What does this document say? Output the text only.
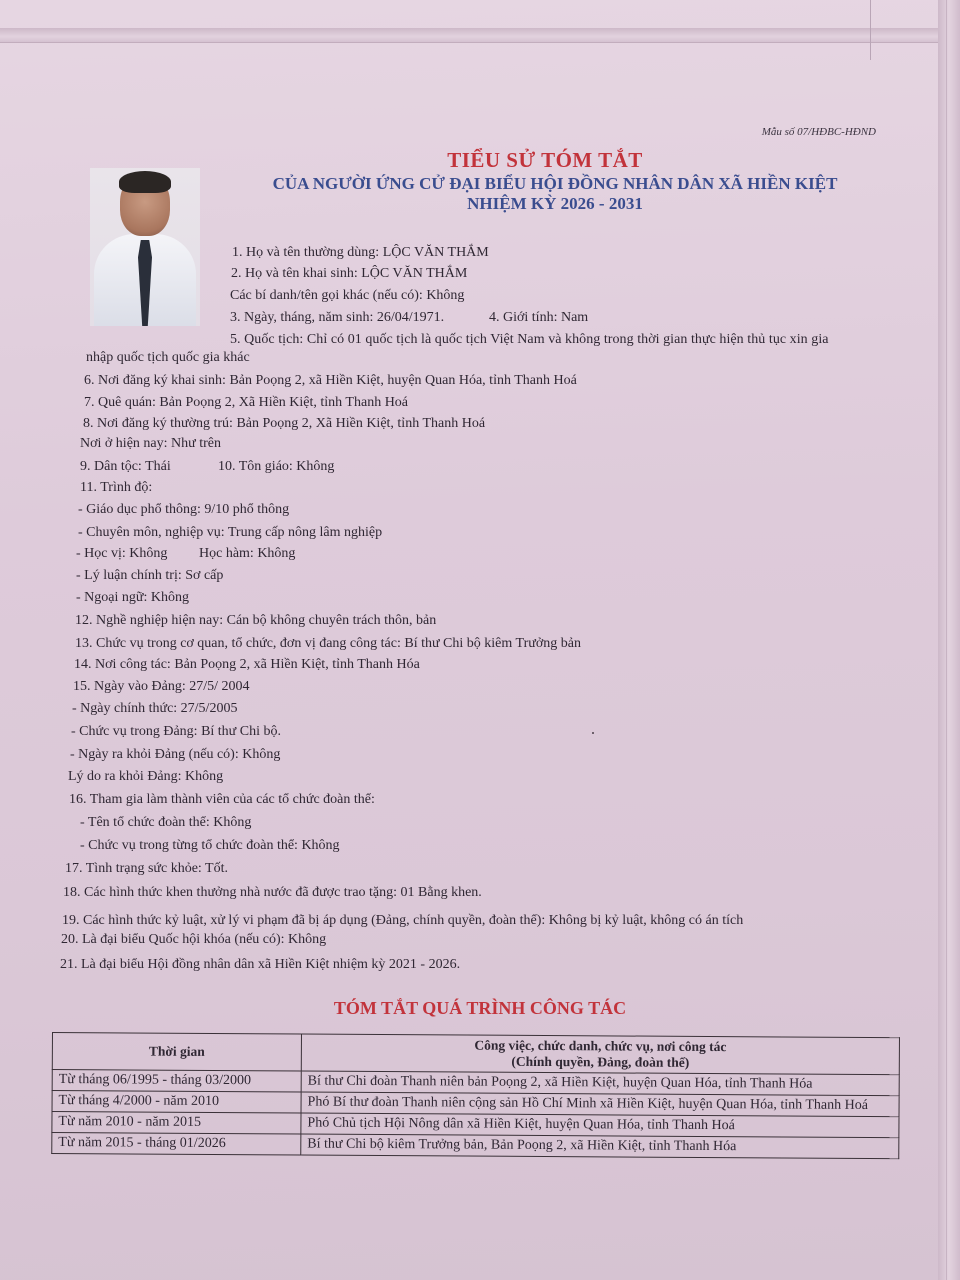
Mẫu số 07/HĐBC-HĐND
TIỂU SỬ TÓM TẮT
CỦA NGƯỜI ỨNG CỬ ĐẠI BIỂU HỘI ĐỒNG NHÂN DÂN XÃ HIỀN KIỆT
NHIỆM KỲ 2026 - 2031
1. Họ và tên thường dùng: LỘC VĂN THẮM
2. Họ và tên khai sinh: LỘC VĂN THẮM
Các bí danh/tên gọi khác (nếu có): Không
3. Ngày, tháng, năm sinh: 26/04/1971.	4. Giới tính: Nam
5. Quốc tịch: Chỉ có 01 quốc tịch là quốc tịch Việt Nam và không trong thời gian thực hiện thủ tục xin gia
nhập quốc tịch quốc gia khác
6. Nơi đăng ký khai sinh: Bản Poọng 2, xã Hiền Kiệt, huyện Quan Hóa, tỉnh Thanh Hoá
7. Quê quán: Bản Poọng 2, Xã Hiền Kiệt, tỉnh Thanh Hoá
8. Nơi đăng ký thường trú: Bản Poọng 2, Xã Hiền Kiệt, tỉnh Thanh Hoá
Nơi ở hiện nay: Như trên
9. Dân tộc: Thái	10. Tôn giáo: Không
11. Trình độ:
- Giáo dục phổ thông: 9/10 phổ thông
- Chuyên môn, nghiệp vụ: Trung cấp nông lâm nghiệp
- Học vị: Không Học hàm: Không
- Lý luận chính trị: Sơ cấp
- Ngoại ngữ: Không
12. Nghề nghiệp hiện nay: Cán bộ không chuyên trách thôn, bản
13. Chức vụ trong cơ quan, tổ chức, đơn vị đang công tác: Bí thư Chi bộ kiêm Trưởng bản
14. Nơi công tác: Bản Poọng 2, xã Hiền Kiệt, tỉnh Thanh Hóa
15. Ngày vào Đảng: 27/5/ 2004
- Ngày chính thức: 27/5/2005
- Chức vụ trong Đảng: Bí thư Chi bộ.
- Ngày ra khỏi Đảng (nếu có): Không
Lý do ra khỏi Đảng: Không
16. Tham gia làm thành viên của các tổ chức đoàn thể:
- Tên tổ chức đoàn thể: Không
- Chức vụ trong từng tổ chức đoàn thể: Không
17. Tình trạng sức khỏe: Tốt.
18. Các hình thức khen thưởng nhà nước đã được trao tặng: 01 Bằng khen.
19. Các hình thức kỷ luật, xử lý vi phạm đã bị áp dụng (Đảng, chính quyền, đoàn thể): Không bị kỷ luật, không có án tích
20. Là đại biểu Quốc hội khóa (nếu có): Không
21. Là đại biểu Hội đồng nhân dân xã Hiền Kiệt nhiệm kỳ 2021 - 2026.
TÓM TẮT QUÁ TRÌNH CÔNG TÁC
Thời gian	Công việc, chức danh, chức vụ, nơi công tác
(Chính quyền, Đảng, đoàn thể)

Từ tháng 06/1995 - tháng 03/2000	Bí thư Chi đoàn Thanh niên bản Poọng 2, xã Hiền Kiệt, huyện Quan Hóa, tỉnh Thanh Hóa
Từ tháng 4/2000 - năm 2010	Phó Bí thư đoàn Thanh niên cộng sản Hồ Chí Minh xã Hiền Kiệt, huyện Quan Hóa, tỉnh Thanh Hoá
Từ năm 2010 - năm 2015	Phó Chủ tịch Hội Nông dân xã Hiền Kiệt, huyện Quan Hóa, tỉnh Thanh Hoá
Từ năm 2015 - tháng 01/2026	Bí thư Chi bộ kiêm Trưởng bản, Bản Poọng 2, xã Hiền Kiệt, tỉnh Thanh Hóa
